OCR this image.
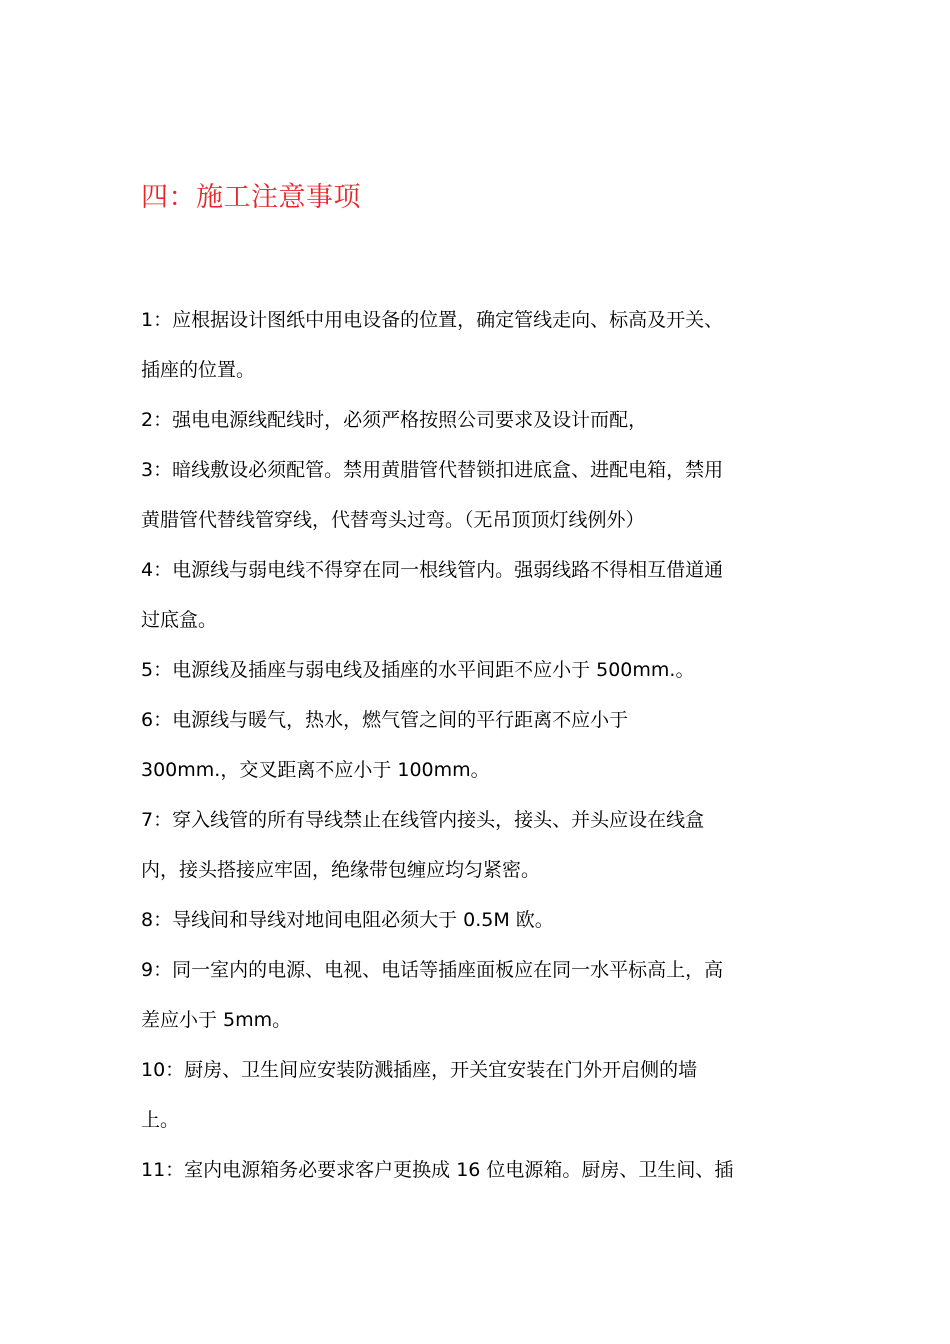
四：施工注意事项
1：应根据设计图纸中用电设备的位置，确定管线走向、标高及开关、
插座的位置。
2：强电电源线配线时，必须严格按照公司要求及设计而配，
3：暗线敷设必须配管。禁用黄腊管代替锁扣进底盒、进配电箱，禁用
黄腊管代替线管穿线，代替弯头过弯。（无吊顶顶灯线例外）
4：电源线与弱电线不得穿在同一根线管内。强弱线路不得相互借道通
过底盒。
5：电源线及插座与弱电线及插座的水平间距不应小于 500mm.。
6：电源线与暖气，热水，燃气管之间的平行距离不应小于
300mm.，交叉距离不应小于 100mm。
7：穿入线管的所有导线禁止在线管内接头，接头、并头应设在线盒
内，接头搭接应牢固，绝缘带包缠应均匀紧密。
8：导线间和导线对地间电阻必须大于 0.5M 欧。
9：同一室内的电源、电视、电话等插座面板应在同一水平标高上，高
差应小于 5mm。
10：厨房、卫生间应安装防溅插座，开关宜安装在门外开启侧的墙
上。
11：室内电源箱务必要求客户更换成 16 位电源箱。厨房、卫生间、插
